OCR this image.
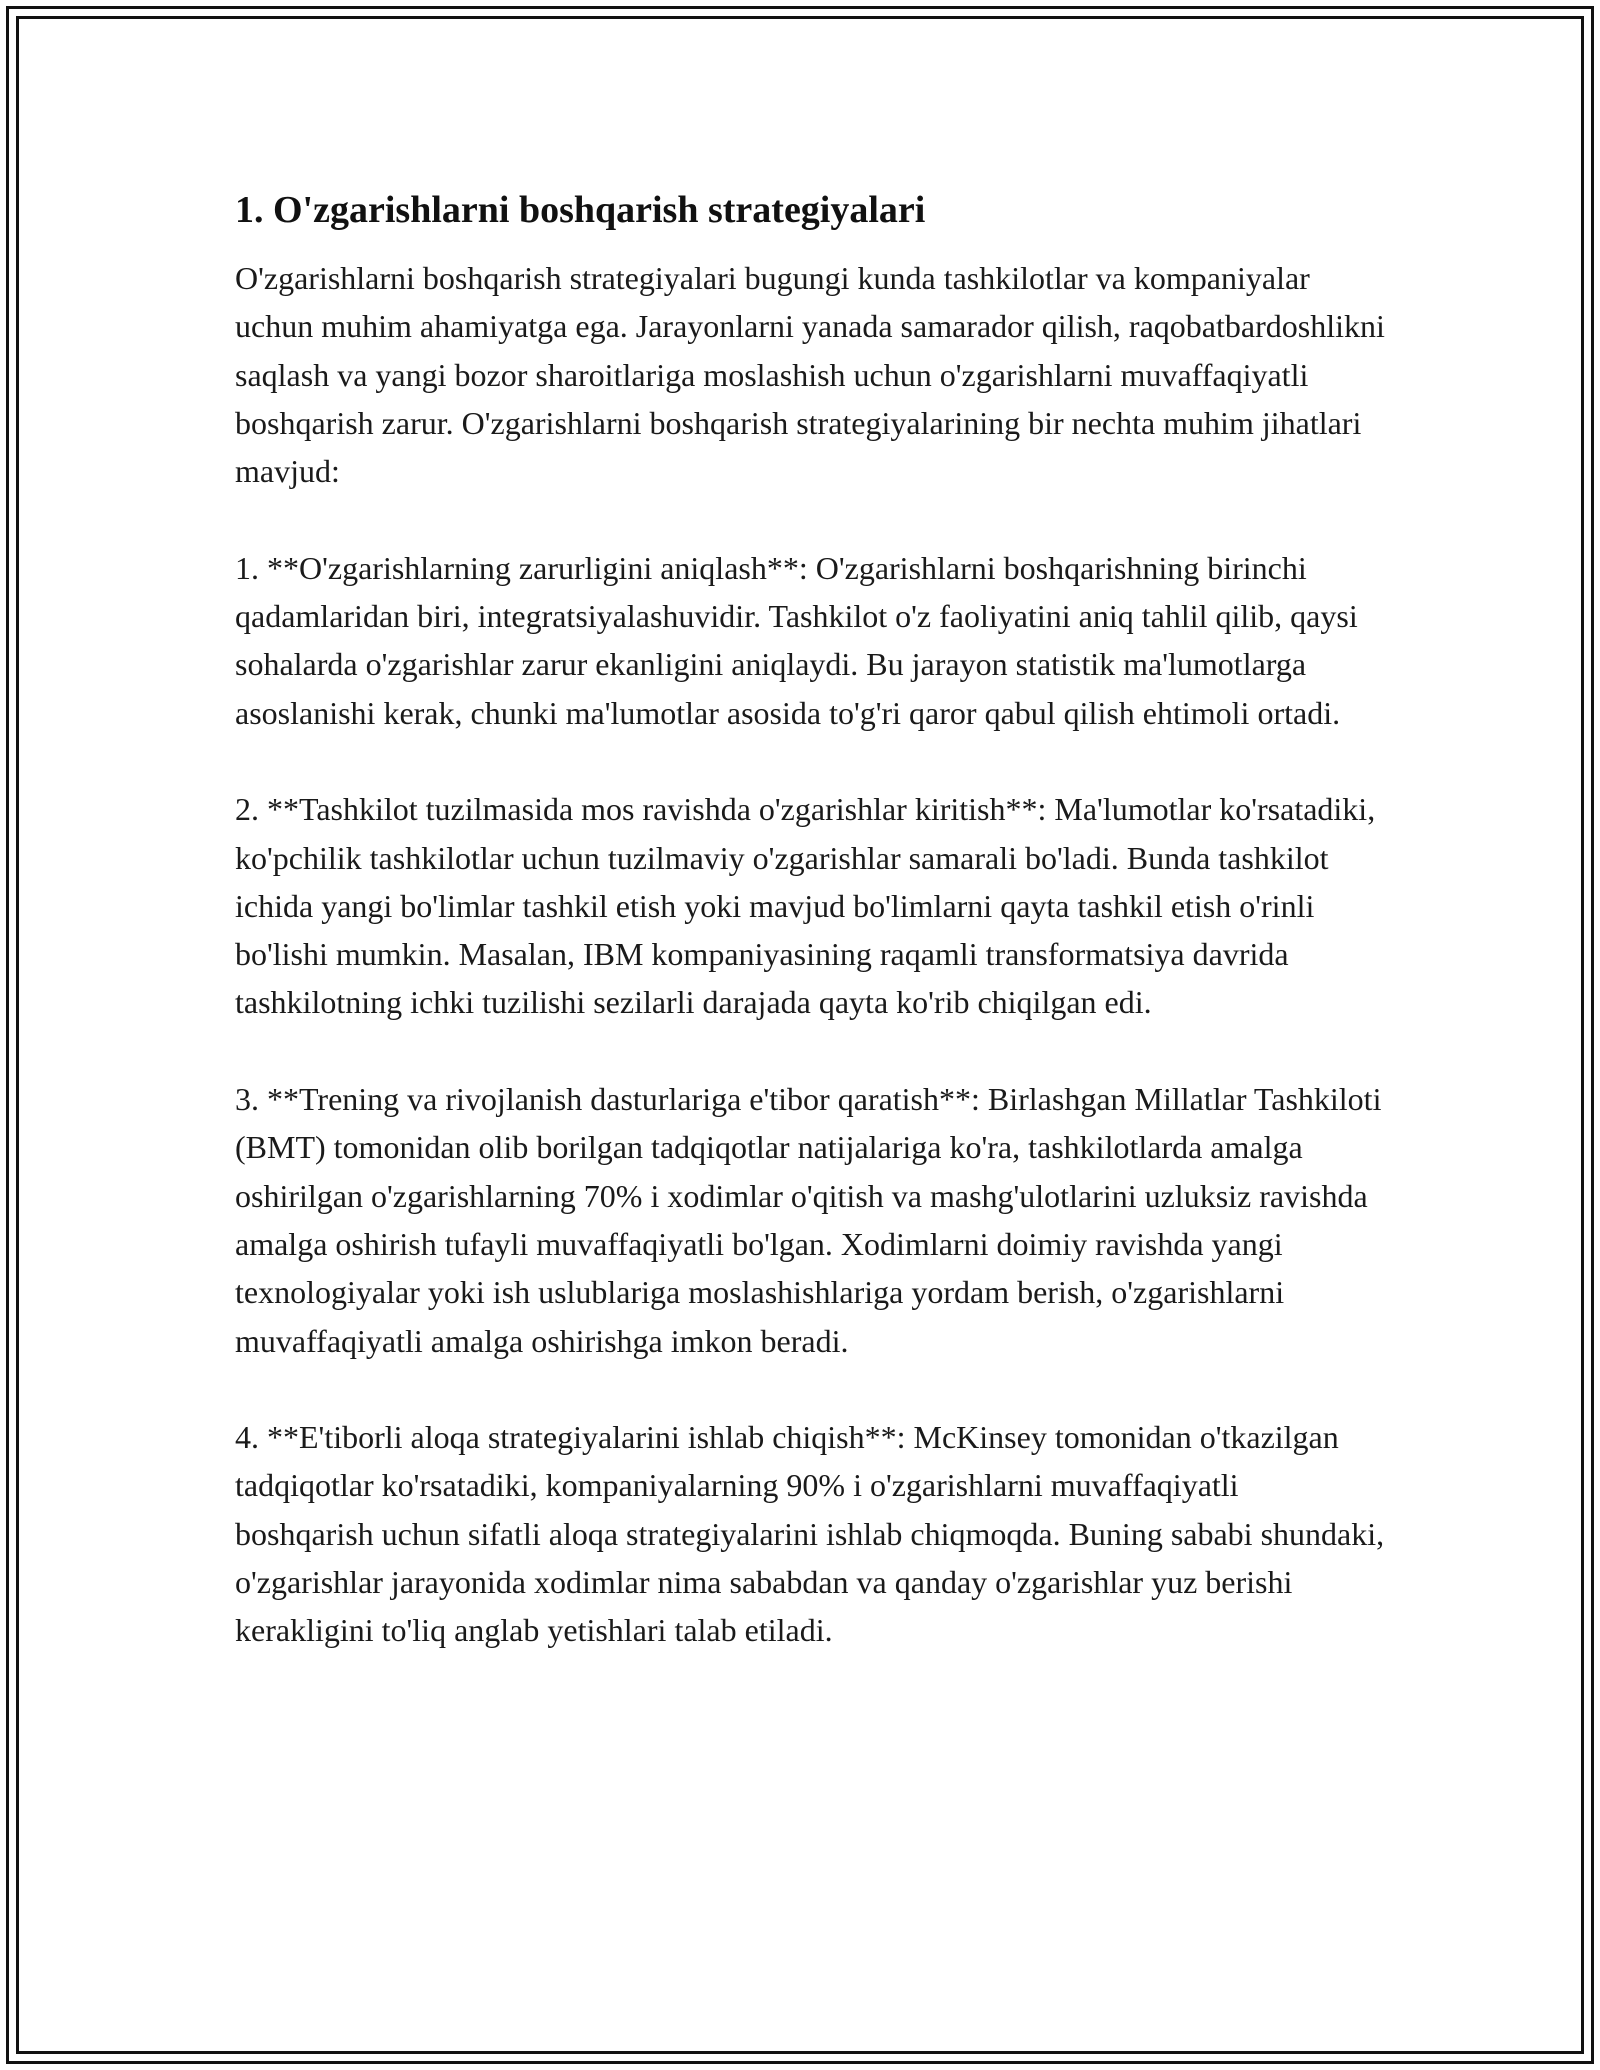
1. O'zgarishlarni boshqarish strategiyalari

O'zgarishlarni boshqarish strategiyalari bugungi kunda tashkilotlar va kompaniyalar uchun muhim ahamiyatga ega. Jarayonlarni yanada samarador qilish, raqobatbardoshlikni saqlash va yangi bozor sharoitlariga moslashish uchun o'zgarishlarni muvaffaqiyatli boshqarish zarur. O'zgarishlarni boshqarish strategiyalarining bir nechta muhim jihatlari mavjud:

1. **O'zgarishlarning zarurligini aniqlash**: O'zgarishlarni boshqarishning birinchi qadamlaridan biri, integratsiyalashuvidir. Tashkilot o'z faoliyatini aniq tahlil qilib, qaysi sohalarda o'zgarishlar zarur ekanligini aniqlaydi. Bu jarayon statistik ma'lumotlarga asoslanishi kerak, chunki ma'lumotlar asosida to'g'ri qaror qabul qilish ehtimoli ortadi.

2. **Tashkilot tuzilmasida mos ravishda o'zgarishlar kiritish**: Ma'lumotlar ko'rsatadiki, ko'pchilik tashkilotlar uchun tuzilmaviy o'zgarishlar samarali bo'ladi. Bunda tashkilot ichida yangi bo'limlar tashkil etish yoki mavjud bo'limlarni qayta tashkil etish o'rinli bo'lishi mumkin. Masalan, IBM kompaniyasining raqamli transformatsiya davrida tashkilotning ichki tuzilishi sezilarli darajada qayta ko'rib chiqilgan edi.

3. **Trening va rivojlanish dasturlariga e'tibor qaratish**: Birlashgan Millatlar Tashkiloti (BMT) tomonidan olib borilgan tadqiqotlar natijalariga ko'ra, tashkilotlarda amalga oshirilgan o'zgarishlarning 70% i xodimlar o'qitish va mashg'ulotlarini uzluksiz ravishda amalga oshirish tufayli muvaffaqiyatli bo'lgan. Xodimlarni doimiy ravishda yangi texnologiyalar yoki ish uslublariga moslashishlariga yordam berish, o'zgarishlarni muvaffaqiyatli amalga oshirishga imkon beradi.

4. **E'tiborli aloqa strategiyalarini ishlab chiqish**: McKinsey tomonidan o'tkazilgan tadqiqotlar ko'rsatadiki, kompaniyalarning 90% i o'zgarishlarni muvaffaqiyatli boshqarish uchun sifatli aloqa strategiyalarini ishlab chiqmoqda. Buning sababi shundaki, o'zgarishlar jarayonida xodimlar nima sababdan va qanday o'zgarishlar yuz berishi kerakligini to'liq anglab yetishlari talab etiladi.
